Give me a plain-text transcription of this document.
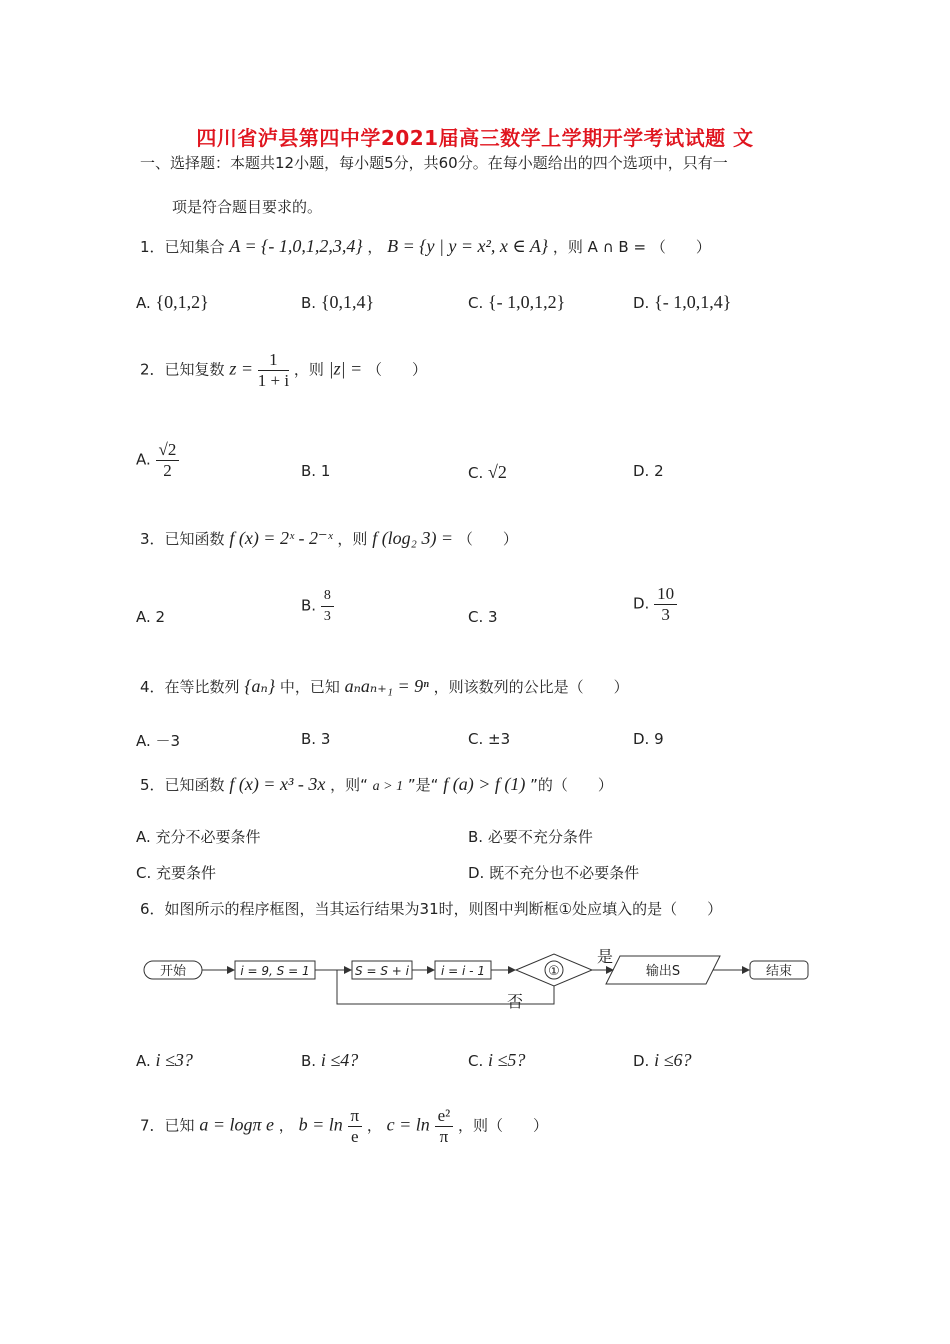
四川省泸县第四中学2021届高三数学上学期开学考试试题 文
一、选择题：本题共12小题，每小题5分，共60分。在每小题给出的四个选项中，只有一
项是符合题目要求的。
1．已知集合 A = {- 1,0,1,2,3,4} ， B = {y | y = x², x ∈ A} ，则 A ∩ B = （　　）
A. {0,1,2}	B. {0,1,4}	C. {- 1,0,1,2}	D. {- 1,0,1,4}
2．已知复数 $z = \frac{1}{1 + i}$ ，则 |z| = （　　）
A. $\frac{√2}{2}$	B. 1	C. √2	D. 2
3．已知函数 f (x) = 2ˣ - 2⁻ˣ ，则 f (log₂ 3) = （　　）
A. 2
B. $\frac{8}{3}$	C. 3
D. $\frac{10}{3}$
4．在等比数列 {aₙ} 中，已知 aₙaₙ₊₁ = 9ⁿ ，则该数列的公比是（　　）
A. －3	B. 3	C. ±3	D. 9
5．已知函数 f (x) = x³ - 3x ，则“ a > 1 ”是“ f (a) > f (1) ”的（　　）
A. 充分不必要条件	B. 必要不充分条件
C. 充要条件	D. 既不充分也不必要条件
6．如图所示的程序框图，当其运行结果为31时，则图中判断框①处应填入的是（　　）
开始	i = 9, S = 1	S = S + i	i = i - 1	①
是
否
输出S	结束
A. i ≤3?	B. i ≤4?	C. i ≤5?	D. i ≤6?
7．已知 a = logπ e ， $b = \ln \frac{\pi}{e}$ ， $c = \ln \frac{\text{e²}}{\pi}$ ，则（　　）
